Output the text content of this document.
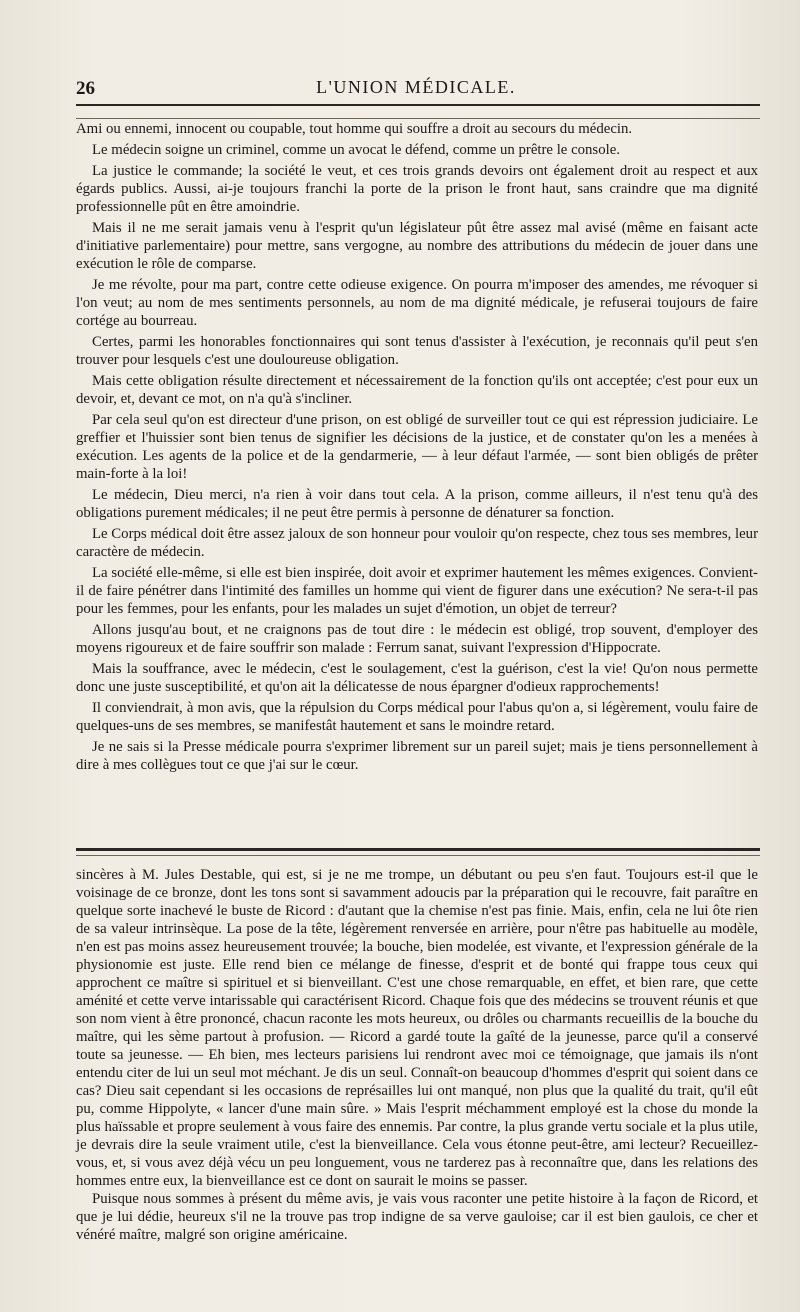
26	L'UNION MÉDICALE.

Ami ou ennemi, innocent ou coupable, tout homme qui souffre a droit au secours du médecin.

Le médecin soigne un criminel, comme un avocat le défend, comme un prêtre le console.

La justice le commande; la société le veut, et ces trois grands devoirs ont également droit au respect et aux égards publics. Aussi, ai-je toujours franchi la porte de la prison le front haut, sans craindre que ma dignité professionnelle pût en être amoindrie.

Mais il ne me serait jamais venu à l'esprit qu'un législateur pût être assez mal avisé (même en faisant acte d'initiative parlementaire) pour mettre, sans vergogne, au nombre des attributions du médecin de jouer dans une exécution le rôle de comparse.

Je me révolte, pour ma part, contre cette odieuse exigence. On pourra m'imposer des amendes, me révoquer si l'on veut; au nom de mes sentiments personnels, au nom de ma dignité médicale, je refuserai toujours de faire cortége au bourreau.

Certes, parmi les honorables fonctionnaires qui sont tenus d'assister à l'exécution, je reconnais qu'il peut s'en trouver pour lesquels c'est une douloureuse obligation.

Mais cette obligation résulte directement et nécessairement de la fonction qu'ils ont acceptée; c'est pour eux un devoir, et, devant ce mot, on n'a qu'à s'incliner.

Par cela seul qu'on est directeur d'une prison, on est obligé de surveiller tout ce qui est répression judiciaire. Le greffier et l'huissier sont bien tenus de signifier les décisions de la justice, et de constater qu'on les a menées à exécution. Les agents de la police et de la gendarmerie, — à leur défaut l'armée, — sont bien obligés de prêter main-forte à la loi!

Le médecin, Dieu merci, n'a rien à voir dans tout cela. A la prison, comme ailleurs, il n'est tenu qu'à des obligations purement médicales; il ne peut être permis à personne de dénaturer sa fonction.

Le Corps médical doit être assez jaloux de son honneur pour vouloir qu'on respecte, chez tous ses membres, leur caractère de médecin.

La société elle-même, si elle est bien inspirée, doit avoir et exprimer hautement les mêmes exigences. Convient-il de faire pénétrer dans l'intimité des familles un homme qui vient de figurer dans une exécution? Ne sera-t-il pas pour les femmes, pour les enfants, pour les malades un sujet d'émotion, un objet de terreur?

Allons jusqu'au bout, et ne craignons pas de tout dire : le médecin est obligé, trop souvent, d'employer des moyens rigoureux et de faire souffrir son malade : Ferrum sanat, suivant l'expression d'Hippocrate.

Mais la souffrance, avec le médecin, c'est le soulagement, c'est la guérison, c'est la vie! Qu'on nous permette donc une juste susceptibilité, et qu'on ait la délicatesse de nous épargner d'odieux rapprochements!

Il conviendrait, à mon avis, que la répulsion du Corps médical pour l'abus qu'on a, si légèrement, voulu faire de quelques-uns de ses membres, se manifestât hautement et sans le moindre retard.

Je ne sais si la Presse médicale pourra s'exprimer librement sur un pareil sujet; mais je tiens personnellement à dire à mes collègues tout ce que j'ai sur le cœur.

sincères à M. Jules Destable, qui est, si je ne me trompe, un débutant ou peu s'en faut. Toujours est-il que le voisinage de ce bronze, dont les tons sont si savamment adoucis par la préparation qui le recouvre, fait paraître en quelque sorte inachevé le buste de Ricord : d'autant que la chemise n'est pas finie. Mais, enfin, cela ne lui ôte rien de sa valeur intrinsèque. La pose de la tête, légèrement renversée en arrière, pour n'être pas habituelle au modèle, n'en est pas moins assez heureusement trouvée; la bouche, bien modelée, est vivante, et l'expression générale de la physionomie est juste. Elle rend bien ce mélange de finesse, d'esprit et de bonté qui frappe tous ceux qui approchent ce maître si spirituel et si bienveillant. C'est une chose remarquable, en effet, et bien rare, que cette aménité et cette verve intarissable qui caractérisent Ricord. Chaque fois que des médecins se trouvent réunis et que son nom vient à être prononcé, chacun raconte les mots heureux, ou drôles ou charmants recueillis de la bouche du maître, qui les sème partout à profusion. — Ricord a gardé toute la gaîté de la jeunesse, parce qu'il a conservé toute sa jeunesse. — Eh bien, mes lecteurs parisiens lui rendront avec moi ce témoignage, que jamais ils n'ont entendu citer de lui un seul mot méchant. Je dis un seul. Connaît-on beaucoup d'hommes d'esprit qui soient dans ce cas? Dieu sait cependant si les occasions de représailles lui ont manqué, non plus que la qualité du trait, qu'il eût pu, comme Hippolyte, « lancer d'une main sûre. » Mais l'esprit méchamment employé est la chose du monde la plus haïssable et propre seulement à vous faire des ennemis. Par contre, la plus grande vertu sociale et la plus utile, je devrais dire la seule vraiment utile, c'est la bienveillance. Cela vous étonne peut-être, ami lecteur? Recueillez-vous, et, si vous avez déjà vécu un peu longuement, vous ne tarderez pas à reconnaître que, dans les relations des hommes entre eux, la bienveillance est ce dont on saurait le moins se passer.

Puisque nous sommes à présent du même avis, je vais vous raconter une petite histoire à la façon de Ricord, et que je lui dédie, heureux s'il ne la trouve pas trop indigne de sa verve gauloise; car il est bien gaulois, ce cher et vénéré maître, malgré son origine américaine.
